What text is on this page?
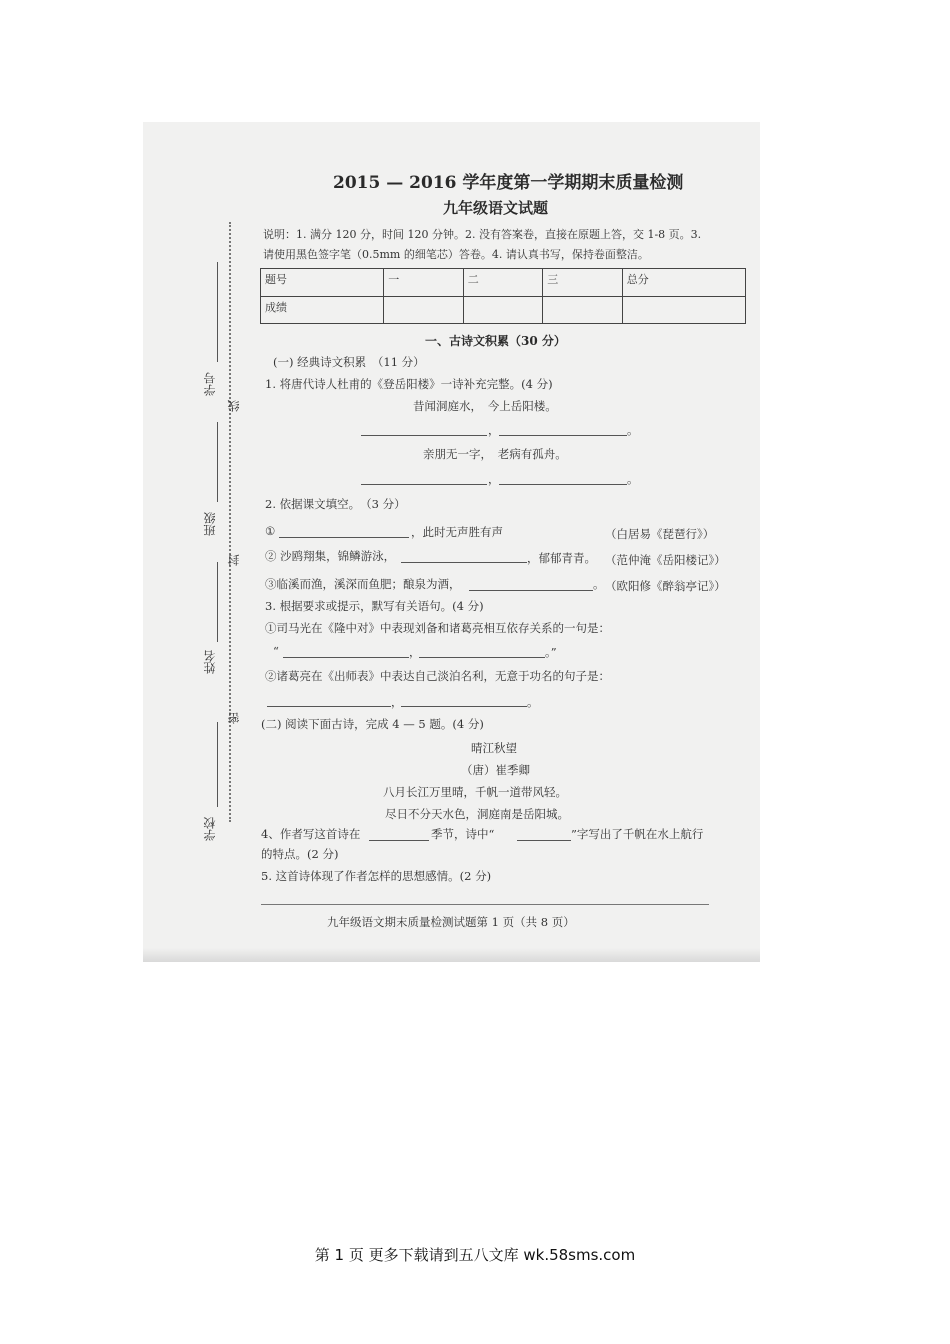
学号
线
班级
封
姓名
密
学校
2015 — 2016 学年度第一学期期末质量检测
九年级语文试题
说明：1. 满分 120 分，时间 120 分钟。2. 没有答案卷，直接在原题上答，交 1-8 页。3.
请使用黑色签字笔（0.5mm 的细笔芯）答卷。4. 请认真书写，保持卷面整洁。
题号	一	二	三	总分
成绩				
一、古诗文积累（30 分）
(一) 经典诗文积累　（11 分）
1. 将唐代诗人杜甫的《登岳阳楼》一诗补充完整。(4 分)
昔闻洞庭水，　今上岳阳楼。
，	。
亲朋无一字，　老病有孤舟。
，	。
2. 依据课文填空。　（3 分）
①	，此时无声胜有声	（白居易《琵琶行》）
② 沙鸥翔集，锦鳞游泳，	，郁郁青青。 （范仲淹《岳阳楼记》）
③临溪而渔，溪深而鱼肥；酿泉为酒，	。 （欧阳修《醉翁亭记》）
3. 根据要求或提示，默写有关语句。(4 分)
①司马光在《隆中对》中表现刘备和诸葛亮相互依存关系的一句是：
“	，	。”
②诸葛亮在《出师表》中表达自己淡泊名利，无意于功名的句子是：
，	。
(二) 阅读下面古诗，完成 4 — 5 题。(4 分)
晴江秋望
（唐）崔季卿
八月长江万里晴，千帆一道带风轻。
尽日不分天水色，洞庭南是岳阳城。
4、作者写这首诗在	季节，诗中“	”字写出了千帆在水上航行
的特点。(2 分)
5. 这首诗体现了作者怎样的思想感情。(2 分)
九年级语文期末质量检测试题第 1 页（共 8 页）
第 1 页 更多下载请到五八文库 wk.58sms.com
